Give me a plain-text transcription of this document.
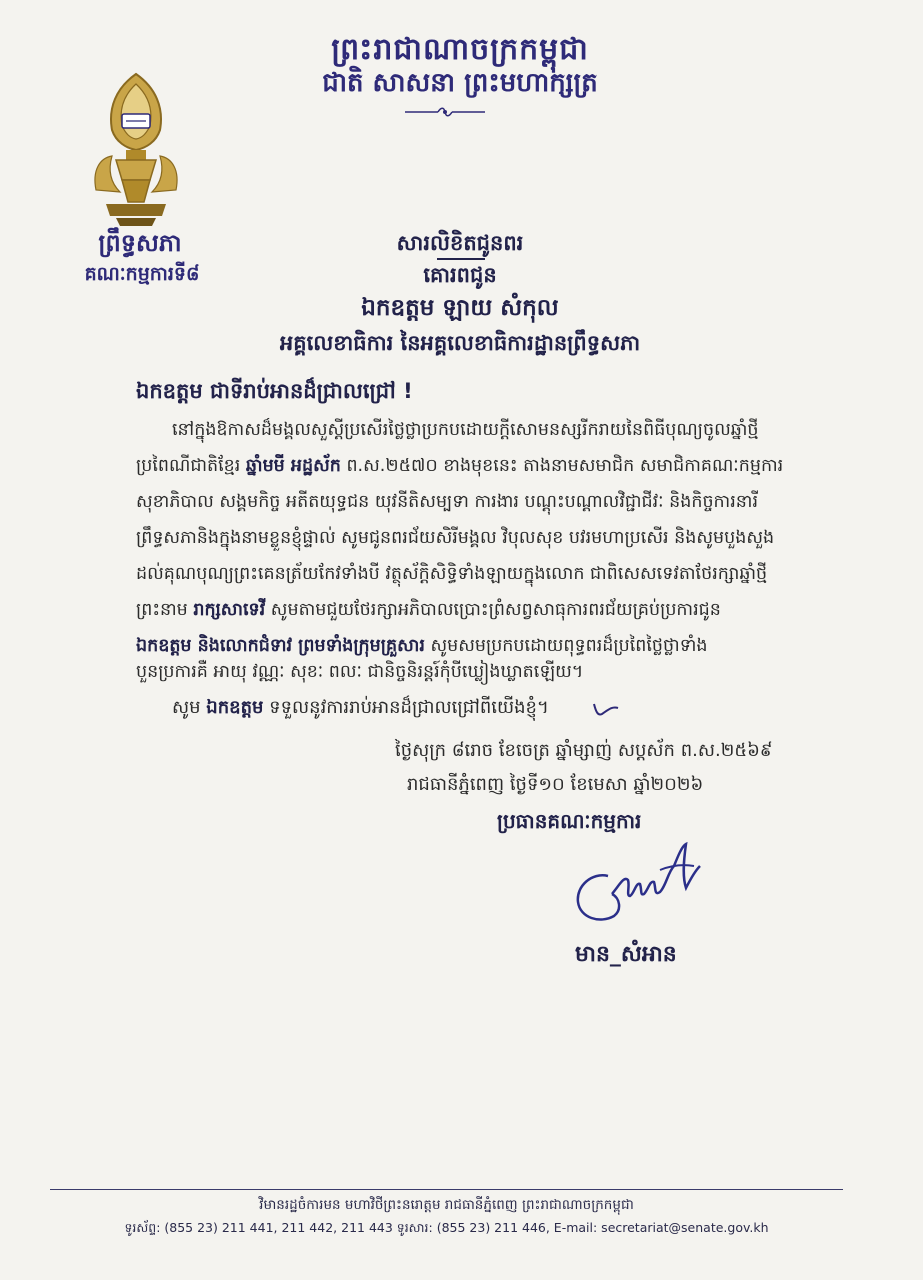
ព្រះរាជាណាចក្រកម្ពុជា
ជាតិ សាសនា ព្រះមហាក្សត្រ
ព្រឹទ្ធសភា
គណៈកម្មការទី៨
សារលិខិតជូនពរ
គោរពជូន
ឯកឧត្តម ឡាយ សំកុល
អគ្គលេខាធិការ នៃអគ្គលេខាធិការដ្ឋានព្រឹទ្ធសភា
ឯកឧត្តម ជាទីរាប់អានដ៏ជ្រាលជ្រៅ !
នៅក្នុងឱកាសដ៏មង្គលសួស្តីប្រសើរថ្លៃថ្លាប្រកបដោយក្តីសោមនស្សរីករាយនៃពិធីបុណ្យចូលឆ្នាំថ្មី
ប្រពៃណីជាតិខ្មែរ ឆ្នាំមមី អដ្ឋស័ក ព.ស.២៥៧០ ខាងមុខនេះ តាងនាមសមាជិក សមាជិកាគណៈកម្មការ
សុខាភិបាល សង្គមកិច្ច អតីតយុទ្ធជន យុវនីតិសម្បទា ការងារ បណ្តុះបណ្តាលវិជ្ជាជីវៈ និងកិច្ចការនារី
ព្រឹទ្ធសភានិងក្នុងនាមខ្លួនខ្ញុំផ្ទាល់ សូមជូនពរជ័យសិរីមង្គល វិបុលសុខ បវរមហាប្រសើរ និងសូមបួងសួង
ដល់គុណបុណ្យព្រះគេនត្រ័យកែវទាំងបី វត្ថុស័ក្តិសិទ្ធិទាំងឡាយក្នុងលោក ជាពិសេសទេវតាថែរក្សាឆ្នាំថ្មី
ព្រះនាម រាក្សសាទេវី សូមតាមជួយថែរក្សាអភិបាលប្រោះព្រំសព្វសាធុការពរជ័យគ្រប់ប្រការជូន
ឯកឧត្តម និងលោកជំទាវ ព្រមទាំងក្រុមគ្រួសារ សូមសមប្រកបដោយពុទ្ធពរដ៏ប្រពៃថ្លៃថ្លាទាំង
បួនប្រការគឺ អាយុ វណ្ណៈ សុខៈ ពលៈ ជានិច្ចនិរន្តរ៍កុំបីឃ្លៀងឃ្លាតឡើយ។
សូម ឯកឧត្តម ទទួលនូវការរាប់អានដ៏ជ្រាលជ្រៅពីយើងខ្ញុំ។
ថ្ងៃសុក្រ ៨រោច ខែចេត្រ ឆ្នាំម្សាញ់ សប្តស័ក ព.ស.២៥៦៩
រាជធានីភ្នំពេញ ថ្ងៃទី១០ ខែមេសា ឆ្នាំ២០២៦
ប្រធានគណៈកម្មការ
មាន_សំអាន
វិមានរដ្ឋចំការមន មហាវិថីព្រះនរោត្តម រាជធានីភ្នំពេញ ព្រះរាជាណាចក្រកម្ពុជា
ទូរស័ព្ទ: (855 23) 211 441, 211 442, 211 443 ទូរសារ: (855 23) 211 446, E-mail: secretariat@senate.gov.kh
